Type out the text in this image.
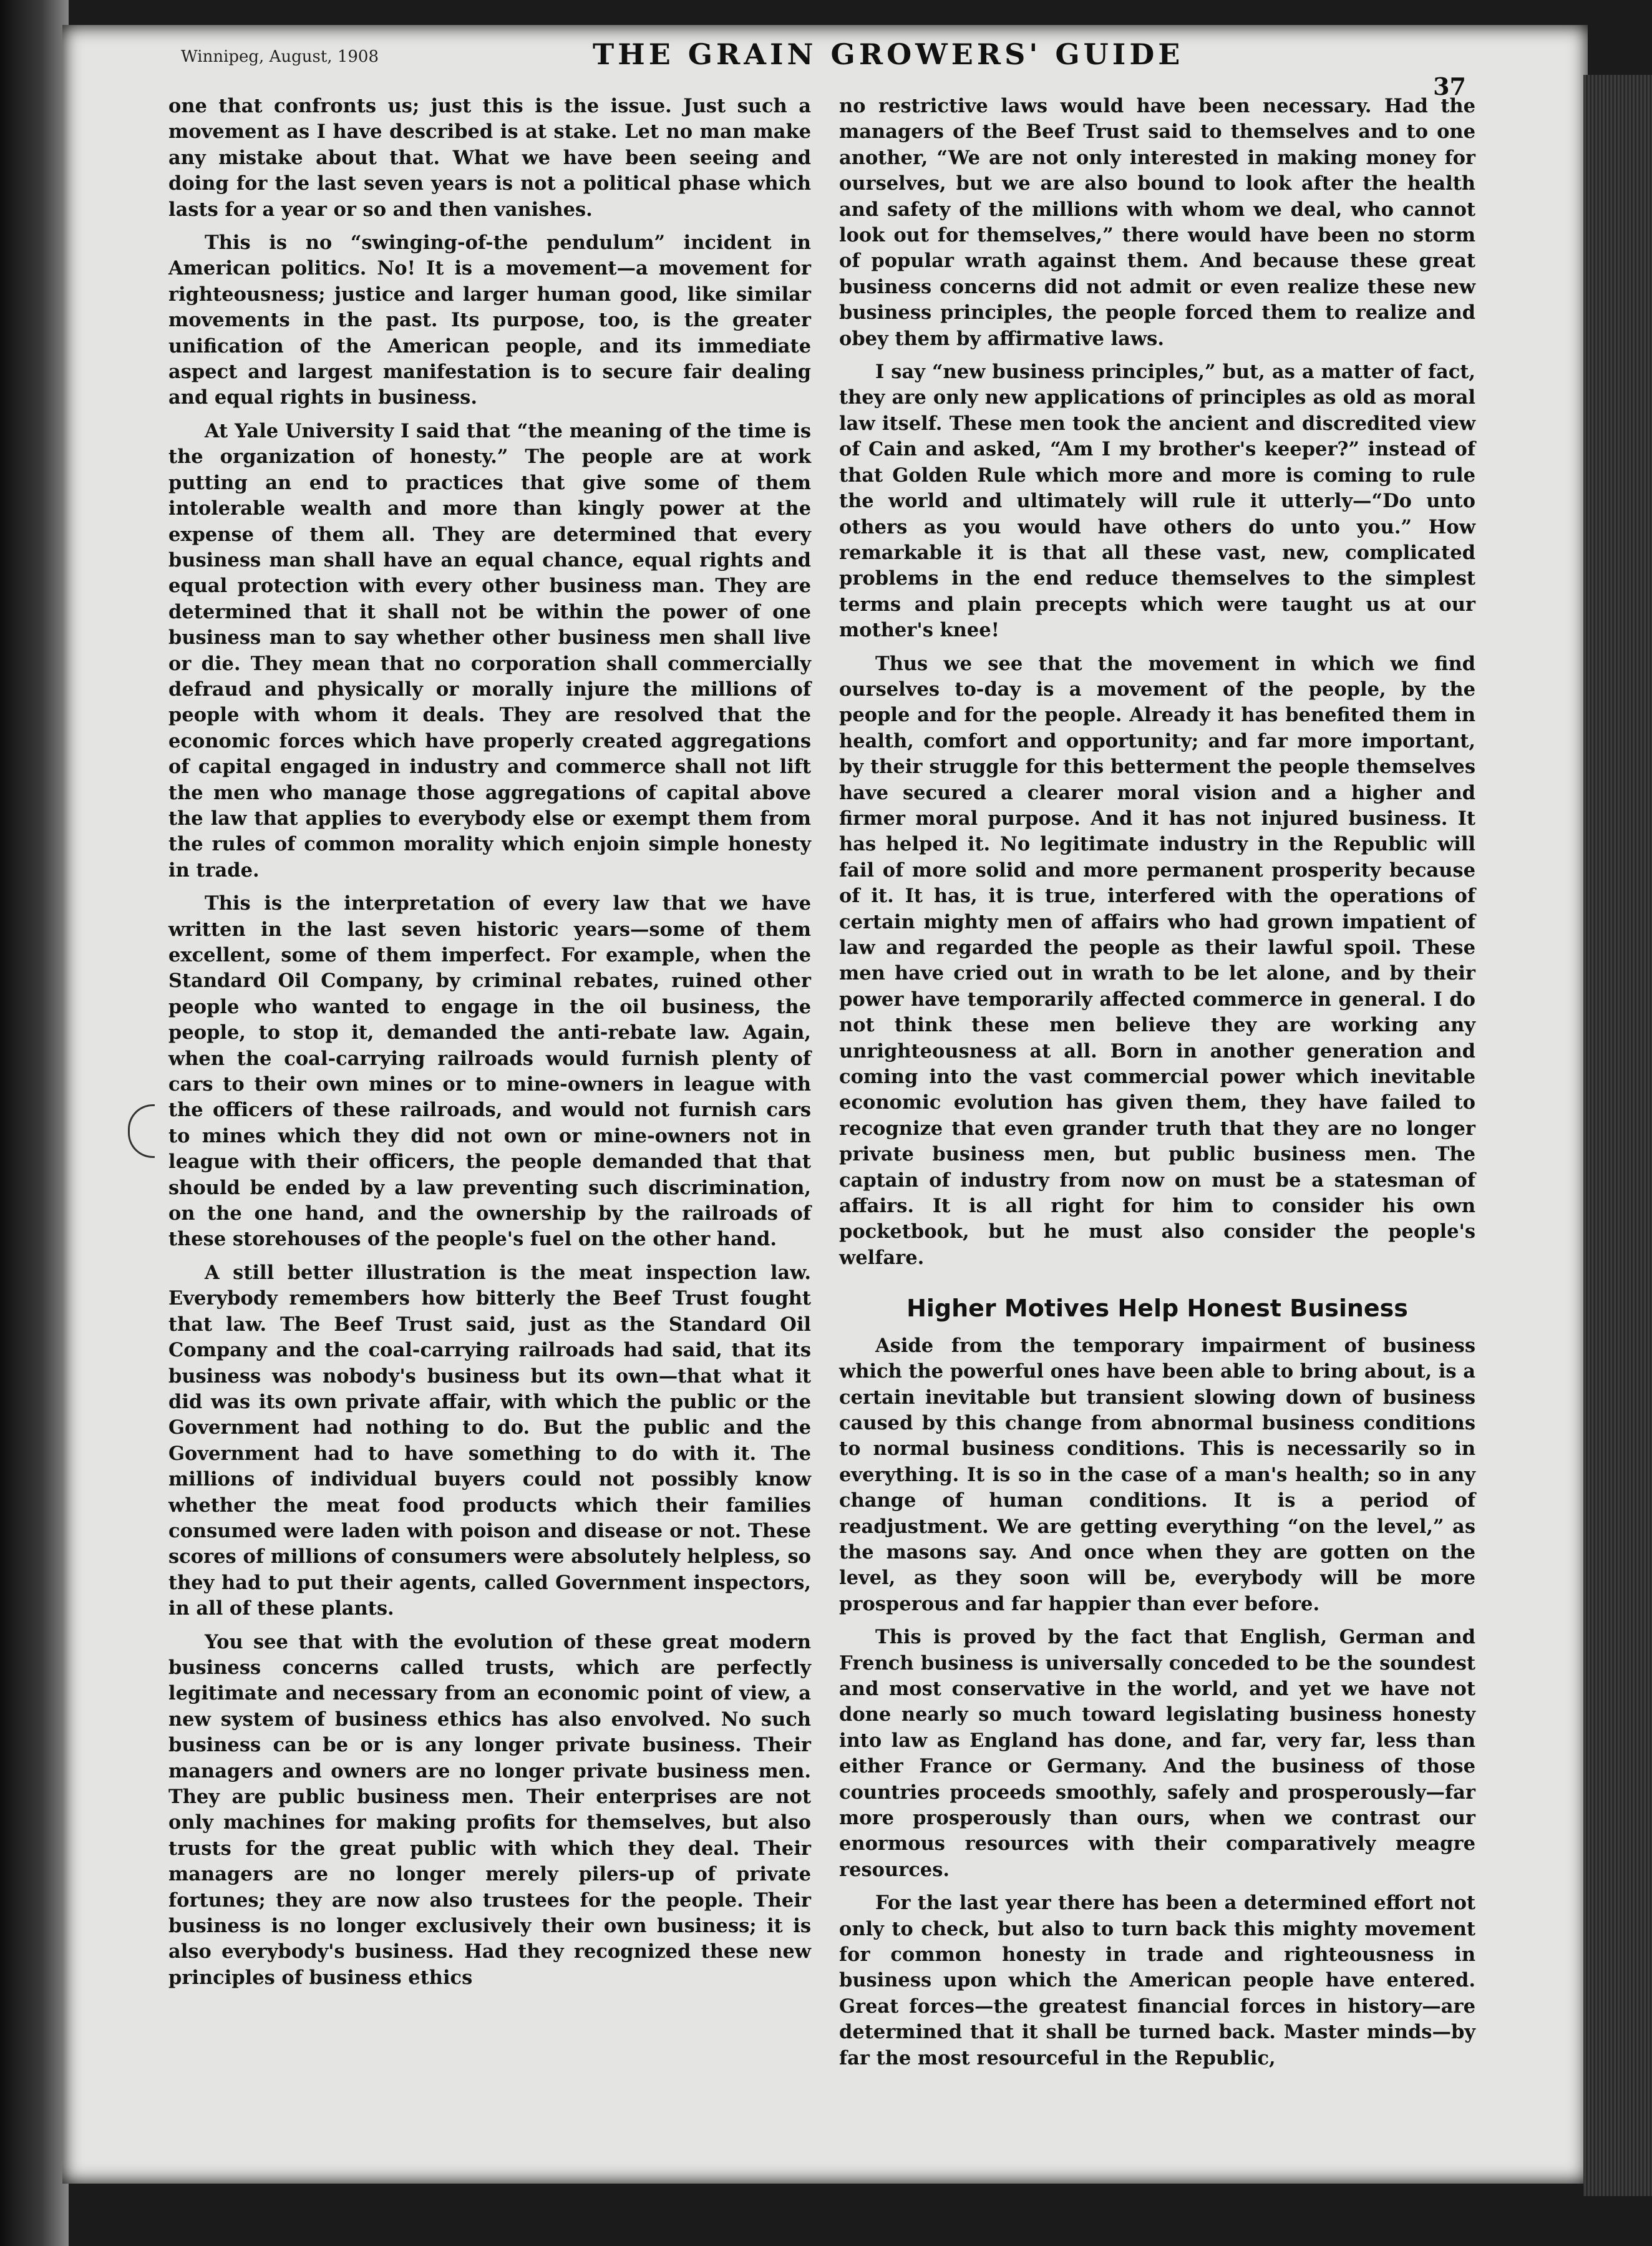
Winnipeg, August, 1908	THE GRAIN GROWERS' GUIDE
37

one that confronts us; just this is the issue. Just such a movement as I have described is at stake. Let no man make any mistake about that. What we have been seeing and doing for the last seven years is not a political phase which lasts for a year or so and then vanishes.

This is no “swinging-of-the pendulum” incident in American politics. No! It is a movement—a movement for righteousness; justice and larger human good, like similar movements in the past. Its purpose, too, is the greater unification of the American people, and its immediate aspect and largest manifestation is to secure fair dealing and equal rights in business.

At Yale University I said that “the meaning of the time is the organization of honesty.” The people are at work putting an end to practices that give some of them intolerable wealth and more than kingly power at the expense of them all. They are determined that every business man shall have an equal chance, equal rights and equal protection with every other business man. They are determined that it shall not be within the power of one business man to say whether other business men shall live or die. They mean that no corporation shall commercially defraud and physically or morally injure the millions of people with whom it deals. They are resolved that the economic forces which have properly created aggregations of capital engaged in industry and commerce shall not lift the men who manage those aggregations of capital above the law that applies to everybody else or exempt them from the rules of common morality which enjoin simple honesty in trade.

This is the interpretation of every law that we have written in the last seven historic years—some of them excellent, some of them imperfect. For example, when the Standard Oil Company, by criminal rebates, ruined other people who wanted to engage in the oil business, the people, to stop it, demanded the anti-rebate law. Again, when the coal-carrying railroads would furnish plenty of cars to their own mines or to mine-owners in league with the officers of these railroads, and would not furnish cars to mines which they did not own or mine-owners not in league with their officers, the people demanded that that should be ended by a law preventing such discrimination, on the one hand, and the ownership by the railroads of these storehouses of the people's fuel on the other hand.

A still better illustration is the meat inspection law. Everybody remembers how bitterly the Beef Trust fought that law. The Beef Trust said, just as the Standard Oil Company and the coal-carrying railroads had said, that its business was nobody's business but its own—that what it did was its own private affair, with which the public or the Government had nothing to do. But the public and the Government had to have something to do with it. The millions of individual buyers could not possibly know whether the meat food products which their families consumed were laden with poison and disease or not. These scores of millions of consumers were absolutely helpless, so they had to put their agents, called Government inspectors, in all of these plants.

You see that with the evolution of these great modern business concerns called trusts, which are perfectly legitimate and necessary from an economic point of view, a new system of business ethics has also envolved. No such business can be or is any longer private business. Their managers and owners are no longer private business men. They are public business men. Their enterprises are not only machines for making profits for themselves, but also trusts for the great public with which they deal. Their managers are no longer merely pilers-up of private fortunes; they are now also trustees for the people. Their business is no longer exclusively their own business; it is also everybody's business. Had they recognized these new principles of business ethics

no restrictive laws would have been necessary. Had the managers of the Beef Trust said to themselves and to one another, “We are not only interested in making money for ourselves, but we are also bound to look after the health and safety of the millions with whom we deal, who cannot look out for themselves,” there would have been no storm of popular wrath against them. And because these great business concerns did not admit or even realize these new business principles, the people forced them to realize and obey them by affirmative laws.

I say “new business principles,” but, as a matter of fact, they are only new applications of principles as old as moral law itself. These men took the ancient and discredited view of Cain and asked, “Am I my brother's keeper?” instead of that Golden Rule which more and more is coming to rule the world and ultimately will rule it utterly—“Do unto others as you would have others do unto you.” How remarkable it is that all these vast, new, complicated problems in the end reduce themselves to the simplest terms and plain precepts which were taught us at our mother's knee!

Thus we see that the movement in which we find ourselves to-day is a movement of the people, by the people and for the people. Already it has benefited them in health, comfort and opportunity; and far more important, by their struggle for this betterment the people themselves have secured a clearer moral vision and a higher and firmer moral purpose. And it has not injured business. It has helped it. No legitimate industry in the Republic will fail of more solid and more permanent prosperity because of it. It has, it is true, interfered with the operations of certain mighty men of affairs who had grown impatient of law and regarded the people as their lawful spoil. These men have cried out in wrath to be let alone, and by their power have temporarily affected commerce in general. I do not think these men believe they are working any unrighteousness at all. Born in another generation and coming into the vast commercial power which inevitable economic evolution has given them, they have failed to recognize that even grander truth that they are no longer private business men, but public business men. The captain of industry from now on must be a statesman of affairs. It is all right for him to consider his own pocketbook, but he must also consider the people's welfare.

Higher Motives Help Honest Business

Aside from the temporary impairment of business which the powerful ones have been able to bring about, is a certain inevitable but transient slowing down of business caused by this change from abnormal business conditions to normal business conditions. This is necessarily so in everything. It is so in the case of a man's health; so in any change of human conditions. It is a period of readjustment. We are getting everything “on the level,” as the masons say. And once when they are gotten on the level, as they soon will be, everybody will be more prosperous and far happier than ever before.

This is proved by the fact that English, German and French business is universally conceded to be the soundest and most conservative in the world, and yet we have not done nearly so much toward legislating business honesty into law as England has done, and far, very far, less than either France or Germany. And the business of those countries proceeds smoothly, safely and prosperously—far more prosperously than ours, when we contrast our enormous resources with their comparatively meagre resources.

For the last year there has been a determined effort not only to check, but also to turn back this mighty movement for common honesty in trade and righteousness in business upon which the American people have entered. Great forces—the greatest financial forces in history—are determined that it shall be turned back. Master minds—by far the most resourceful in the Republic,
